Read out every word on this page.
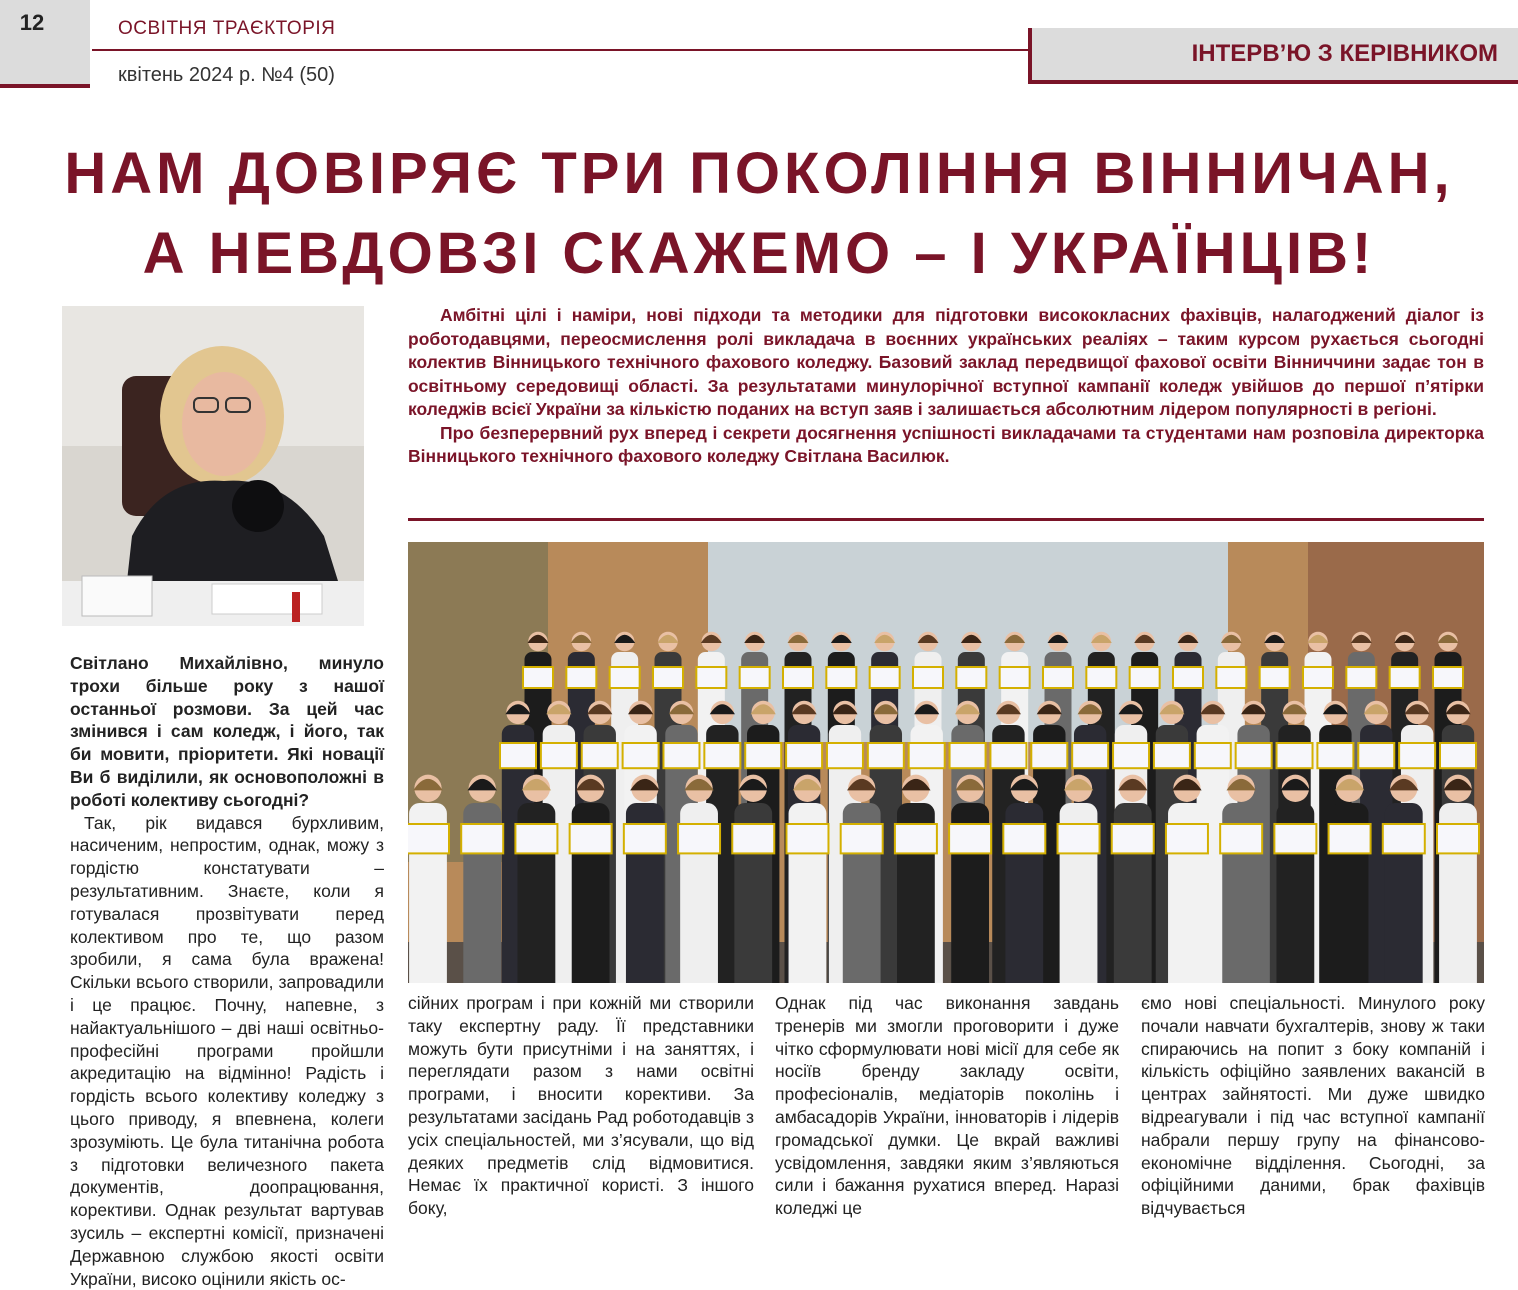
12	ОСВІТНЯ ТРАЄКТОРІЯ
квітень 2024 р. №4 (50)
ІНТЕРВ’Ю З КЕРІВНИКОМ
НАМ ДОВІРЯЄ ТРИ ПОКОЛІННЯ ВІННИЧАН,
А НЕВДОВЗІ СКАЖЕМО – І УКРАЇНЦІВ!

Амбітні цілі і наміри, нові підходи та методики для підготовки висококласних фахівців, налагоджений діалог із роботодавцями, переосмислення ролі викладача в воєнних українських реаліях – таким курсом рухається сьогодні колектив Вінницького технічного фахового коледжу. Базовий заклад передвищої фахової освіти Вінниччини задає тон в освітньому середовищі області. За результатами минулорічної вступної кампанії коледж увійшов до першої п’ятірки коледжів всієї України за кількістю поданих на вступ заяв і залишається абсолютним лідером популярності в регіоні.

Про безперервний рух вперед і секрети досягнення успішності викладачами та студентами нам розповіла директорка Вінницького технічного фахового коледжу Світлана Василюк.

Світлано Михайлівно, минуло трохи більше року з нашої останньої розмови. За цей час змінився і сам коледж, і його, так би мовити, пріоритети. Які новації Ви б виділили, як основоположні в роботі колективу сьогодні?

Так, рік видався бурхливим, насиченим, непростим, однак, можу з гордістю констатувати – результативним. Знаєте, коли я готувалася прозвітувати перед колективом про те, що разом зробили, я сама була вражена! Скільки всього створили, запровадили і це працює. Почну, напевне, з найактуальнішого – дві наші освітньо-професійні програми пройшли акредитацію на відмінно! Радість і гордість всього колективу коледжу з цього приводу, я впевнена, колеги зрозуміють. Це була титанічна робота з підготовки величезного пакета документів, доопрацювання, корективи. Однак результат вартував зусиль – експертні комісії, призначені Державною службою якості освіти України, високо оцінили якість ос-

сійних програм і при кожній ми створили таку експертну раду. Її представники можуть бути присутніми і на заняттях, і переглядати разом з нами освітні програми, і вносити корективи. За результатами засідань Рад роботодавців з усіх спеціальностей, ми з’ясували, що від деяких предметів слід відмовитися. Немає їх практичної користі. З іншого боку,

Однак під час виконання завдань тренерів ми змогли проговорити і дуже чітко сформулювати нові місії для себе як носіїв бренду закладу освіти, професіоналів, медіаторів поколінь і амбасадорів України, інноваторів і лідерів громадської думки. Це вкрай важливі усвідомлення, завдяки яким з’являються сили і бажання рухатися вперед. Наразі коледжі це

ємо нові спеціальності. Минулого року почали навчати бухгалтерів, знову ж таки спираючись на попит з боку компаній і кількість офіційно заявлених вакансій в центрах зайнятості. Ми дуже швидко відреагували і під час вступної кампанії набрали першу групу на фінансово-економічне відділення. Сьогодні, за офіційними даними, брак фахівців відчувається
